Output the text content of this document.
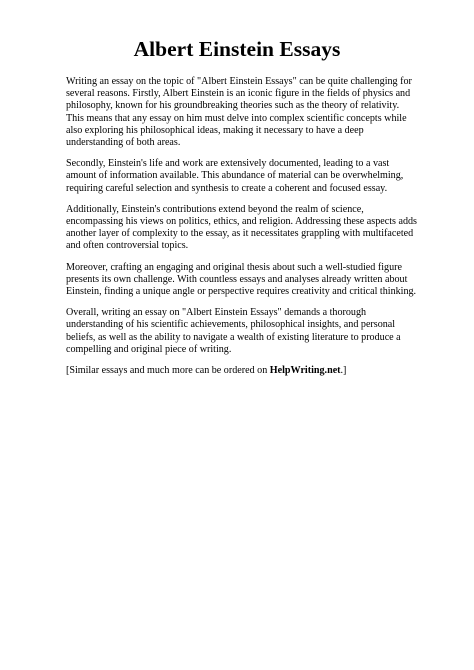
Albert Einstein Essays

Writing an essay on the topic of "Albert Einstein Essays" can be quite challenging for several reasons. Firstly, Albert Einstein is an iconic figure in the fields of physics and philosophy, known for his groundbreaking theories such as the theory of relativity. This means that any essay on him must delve into complex scientific concepts while also exploring his philosophical ideas, making it necessary to have a deep understanding of both areas.

Secondly, Einstein's life and work are extensively documented, leading to a vast amount of information available. This abundance of material can be overwhelming, requiring careful selection and synthesis to create a coherent and focused essay.

Additionally, Einstein's contributions extend beyond the realm of science, encompassing his views on politics, ethics, and religion. Addressing these aspects adds another layer of complexity to the essay, as it necessitates grappling with multifaceted and often controversial topics.

Moreover, crafting an engaging and original thesis about such a well-studied figure presents its own challenge. With countless essays and analyses already written about Einstein, finding a unique angle or perspective requires creativity and critical thinking.

Overall, writing an essay on "Albert Einstein Essays" demands a thorough understanding of his scientific achievements, philosophical insights, and personal beliefs, as well as the ability to navigate a wealth of existing literature to produce a compelling and original piece of writing.

[Similar essays and much more can be ordered on HelpWriting.net.]
